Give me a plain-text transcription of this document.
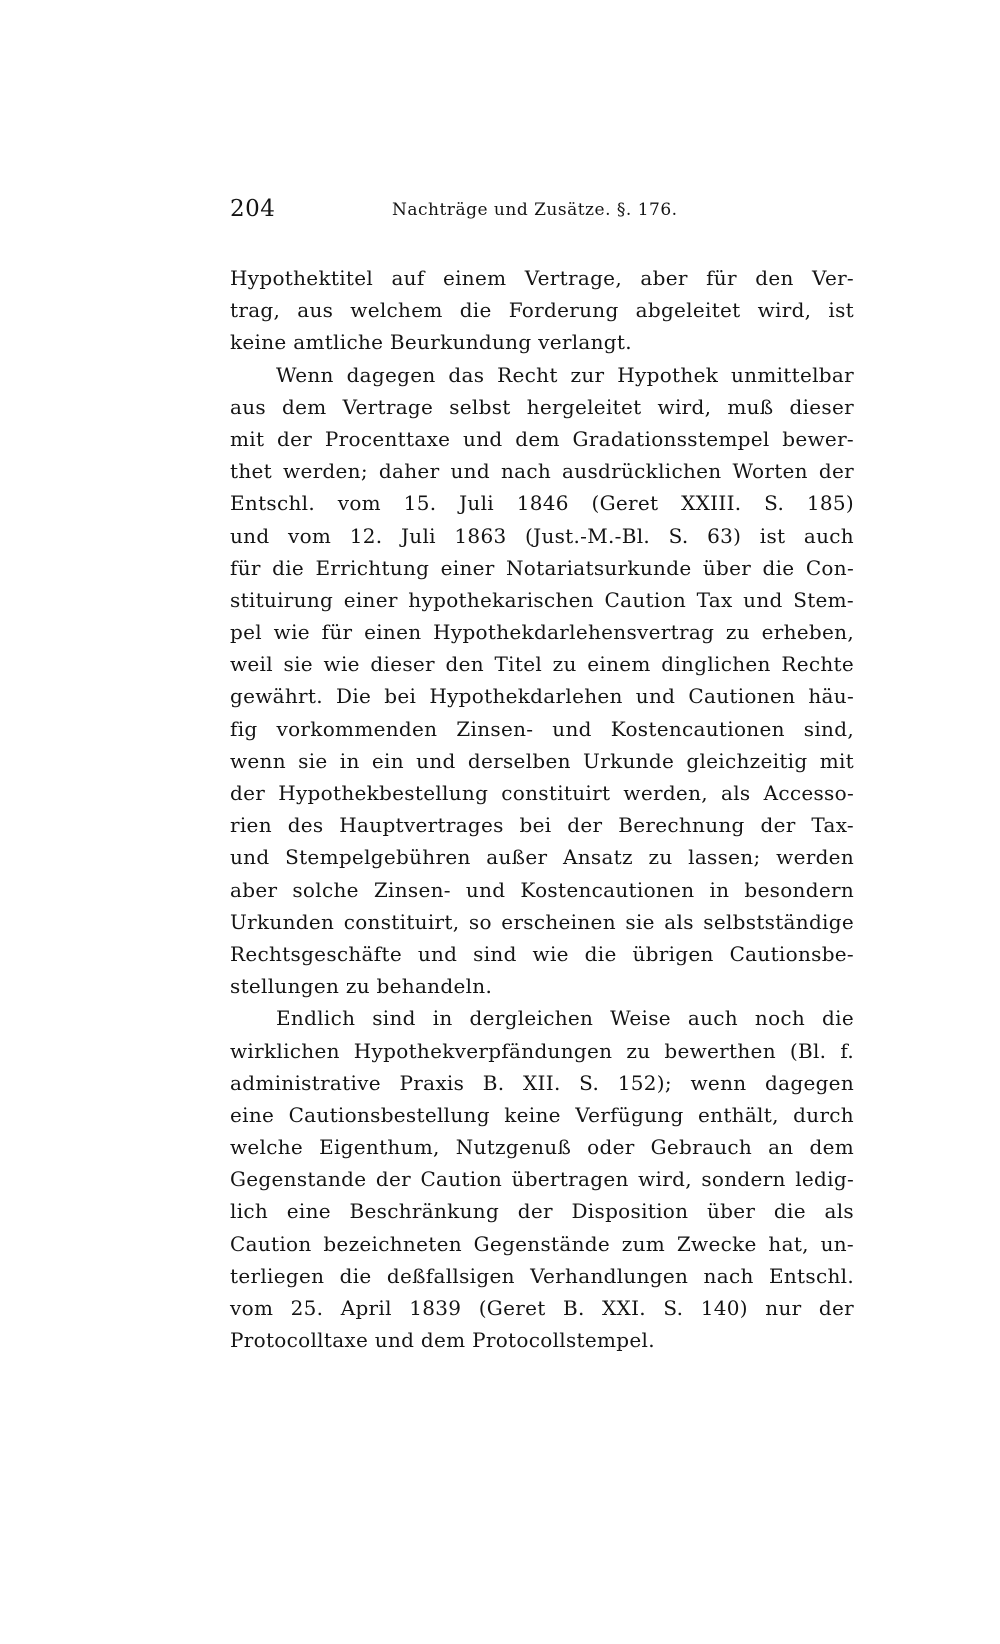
204	Nachträge und Zusätze. §. 176.
Hypothektitel auf einem Vertrage, aber für den Ver-
trag, aus welchem die Forderung abgeleitet wird, ist
keine amtliche Beurkundung verlangt.
Wenn dagegen das Recht zur Hypothek unmittelbar
aus dem Vertrage selbst hergeleitet wird, muß dieser
mit der Procenttaxe und dem Gradationsstempel bewer-
thet werden; daher und nach ausdrücklichen Worten der
Entschl. vom 15. Juli 1846 (Geret XXIII. S. 185)
und vom 12. Juli 1863 (Just.-M.-Bl. S. 63) ist auch
für die Errichtung einer Notariatsurkunde über die Con-
stituirung einer hypothekarischen Caution Tax und Stem-
pel wie für einen Hypothekdarlehensvertrag zu erheben,
weil sie wie dieser den Titel zu einem dinglichen Rechte
gewährt. Die bei Hypothekdarlehen und Cautionen häu-
fig vorkommenden Zinsen- und Kostencautionen sind,
wenn sie in ein und derselben Urkunde gleichzeitig mit
der Hypothekbestellung constituirt werden, als Accesso-
rien des Hauptvertrages bei der Berechnung der Tax-
und Stempelgebühren außer Ansatz zu lassen; werden
aber solche Zinsen- und Kostencautionen in besondern
Urkunden constituirt, so erscheinen sie als selbstständige
Rechtsgeschäfte und sind wie die übrigen Cautionsbe-
stellungen zu behandeln.
Endlich sind in dergleichen Weise auch noch die
wirklichen Hypothekverpfändungen zu bewerthen (Bl. f.
administrative Praxis B. XII. S. 152); wenn dagegen
eine Cautionsbestellung keine Verfügung enthält, durch
welche Eigenthum, Nutzgenuß oder Gebrauch an dem
Gegenstande der Caution übertragen wird, sondern ledig-
lich eine Beschränkung der Disposition über die als
Caution bezeichneten Gegenstände zum Zwecke hat, un-
terliegen die deßfallsigen Verhandlungen nach Entschl.
vom 25. April 1839 (Geret B. XXI. S. 140) nur der
Protocolltaxe und dem Protocollstempel.
